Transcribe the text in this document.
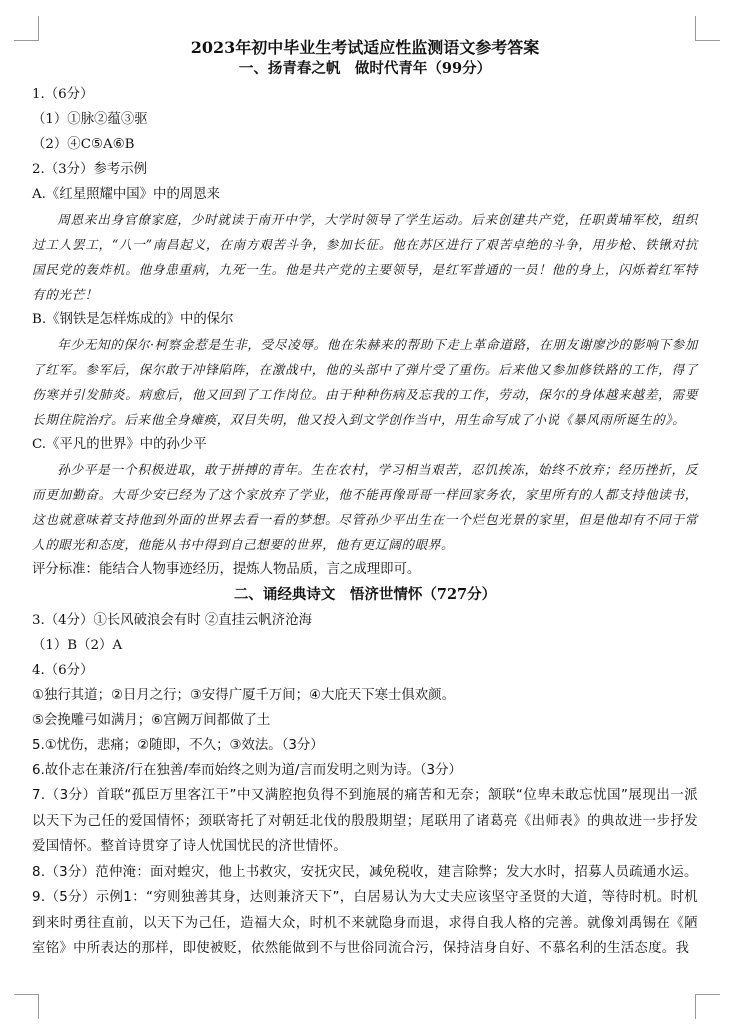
2023年初中毕业生考试适应性监测语文参考答案

一、扬青春之帆　做时代青年（99分）

1.（6分）

（1）①脉②蕴③驱

（2）④C⑤A⑥B

2.（3分）参考示例

A.《红星照耀中国》中的周恩来

周恩来出身官僚家庭，少时就读于南开中学，大学时领导了学生运动。后来创建共产党，任职黄埔军校，组织过工人罢工，“八一”南昌起义，在南方艰苦斗争，参加长征。他在苏区进行了艰苦卓绝的斗争，用步枪、铁锹对抗国民党的轰炸机。他身患重病，九死一生。他是共产党的主要领导，是红军普通的一员！他的身上，闪烁着红军特有的光芒！

B.《钢铁是怎样炼成的》中的保尔

年少无知的保尔·柯察金惹是生非，受尽凌辱。他在朱赫来的帮助下走上革命道路，在朋友谢廖沙的影响下参加了红军。参军后，保尔敢于冲锋陷阵，在激战中，他的头部中了弹片受了重伤。后来他又参加修铁路的工作，得了伤寒并引发肺炎。病愈后，他又回到了工作岗位。由于种种伤病及忘我的工作，劳动，保尔的身体越来越差，需要长期住院治疗。后来他全身瘫痪，双目失明，他又投入到文学创作当中，用生命写成了小说《暴风雨所诞生的》。

C.《平凡的世界》中的孙少平

孙少平是一个积极进取，敢于拼搏的青年。生在农村，学习相当艰苦，忍饥挨冻，始终不放弃；经历挫折，反而更加勤奋。大哥少安已经为了这个家放弃了学业，他不能再像哥哥一样回家务农，家里所有的人都支持他读书，这也就意味着支持他到外面的世界去看一看的梦想。尽管孙少平出生在一个烂包光景的家里，但是他却有不同于常人的眼光和态度，他能从书中得到自己想要的世界，他有更辽阔的眼界。

评分标准：能结合人物事迹经历，提炼人物品质，言之成理即可。

二、诵经典诗文　悟济世情怀（727分）

3.（4分）①长风破浪会有时 ②直挂云帆济沧海

（1）B（2）A

4.（6分）

①独行其道；②日月之行；③安得广厦千万间；④大庇天下寒士俱欢颜。

⑤会挽雕弓如满月；⑥宫阙万间都做了土

5.①忧伤，悲痛；②随即，不久；③效法。（3分）

6.故仆志在兼济/行在独善/奉而始终之则为道/言而发明之则为诗。（3分）

7.（3分）首联“孤臣万里客江干”中又满腔抱负得不到施展的痛苦和无奈；颔联“位卑未敢忘忧国”展现出一派以天下为己任的爱国情怀；颈联寄托了对朝廷北伐的殷殷期望；尾联用了诸葛亮《出师表》的典故进一步抒发爱国情怀。整首诗贯穿了诗人忧国忧民的济世情怀。

8.（3分）范仲淹：面对蝗灾，他上书救灾，安抚灾民，减免税收，建言除弊；发大水时，招募人员疏通水运。

9.（5分）示例1：“穷则独善其身，达则兼济天下”，白居易认为大丈夫应该坚守圣贤的大道，等待时机。时机到来时勇往直前，以天下为己任，造福大众，时机不来就隐身而退，求得自我人格的完善。就像刘禹锡在《陋室铭》中所表达的那样，即使被贬，依然能做到不与世俗同流合污，保持洁身自好、不慕名利的生活态度。我
